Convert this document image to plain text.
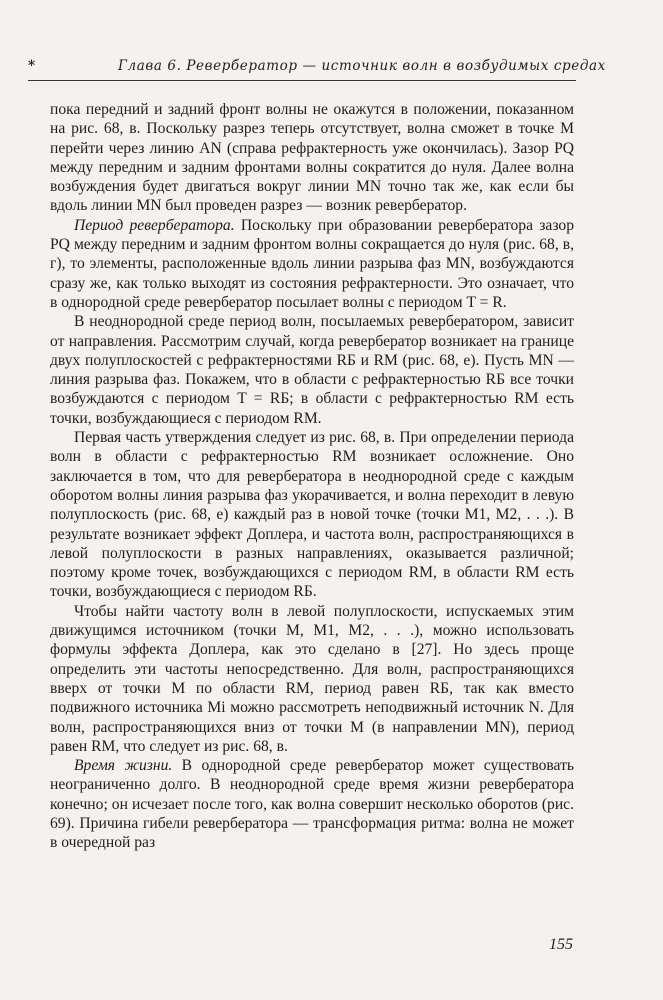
*	Глава 6. Ревербератор — источник волн в возбудимых средах

пока передний и задний фронт волны не окажутся в положении, показанном на рис. 68, в. Поскольку разрез теперь отсутствует, волна сможет в точке M перейти через линию AN (справа рефрактерность уже окончилась). Зазор PQ между передним и задним фронтами волны сократится до нуля. Далее волна возбуждения будет двигаться вокруг линии MN точно так же, как если бы вдоль линии MN был проведен разрез — возник ревербератор.

Период ревербератора. Поскольку при образовании ревербератора зазор PQ между передним и задним фронтом волны сокращается до нуля (рис. 68, в, г), то элементы, расположенные вдоль линии разрыва фаз MN, возбуждаются сразу же, как только выходят из состояния рефрактерности. Это означает, что в однородной среде ревербератор посылает волны с периодом T = R.

В неоднородной среде период волн, посылаемых ревербератором, зависит от направления. Рассмотрим случай, когда ревербератор возникает на границе двух полуплоскостей с рефрактерностями RБ и RМ (рис. 68, е). Пусть MN — линия разрыва фаз. Покажем, что в области с рефрактерностью RБ все точки возбуждаются с периодом T = RБ; в области с рефрактерностью RМ есть точки, возбуждающиеся с периодом RМ.

Первая часть утверждения следует из рис. 68, в. При определении периода волн в области с рефрактерностью RМ возникает осложнение. Оно заключается в том, что для ревербератора в неоднородной среде с каждым оборотом волны линия разрыва фаз укорачивается, и волна переходит в левую полуплоскость (рис. 68, е) каждый раз в новой точке (точки M1, M2, . . .). В результате возникает эффект Доплера, и частота волн, распространяющихся в левой полуплоскости в разных направлениях, оказывается различной; поэтому кроме точек, возбуждающихся с периодом RМ, в области RМ есть точки, возбуждающиеся с периодом RБ.

Чтобы найти частоту волн в левой полуплоскости, испускаемых этим движущимся источником (точки M, M1, M2, . . .), можно использовать формулы эффекта Доплера, как это сделано в [27]. Но здесь проще определить эти частоты непосредственно. Для волн, распространяющихся вверх от точки M по области RМ, период равен RБ, так как вместо подвижного источника Mi можно рассмотреть неподвижный источник N. Для волн, распространяющихся вниз от точки M (в направлении MN), период равен RМ, что следует из рис. 68, в.

Время жизни. В однородной среде ревербератор может существовать неограниченно долго. В неоднородной среде время жизни ревербератора конечно; он исчезает после того, как волна совершит несколько оборотов (рис. 69). Причина гибели ревербератора — трансформация ритма: волна не может в очередной раз

155
